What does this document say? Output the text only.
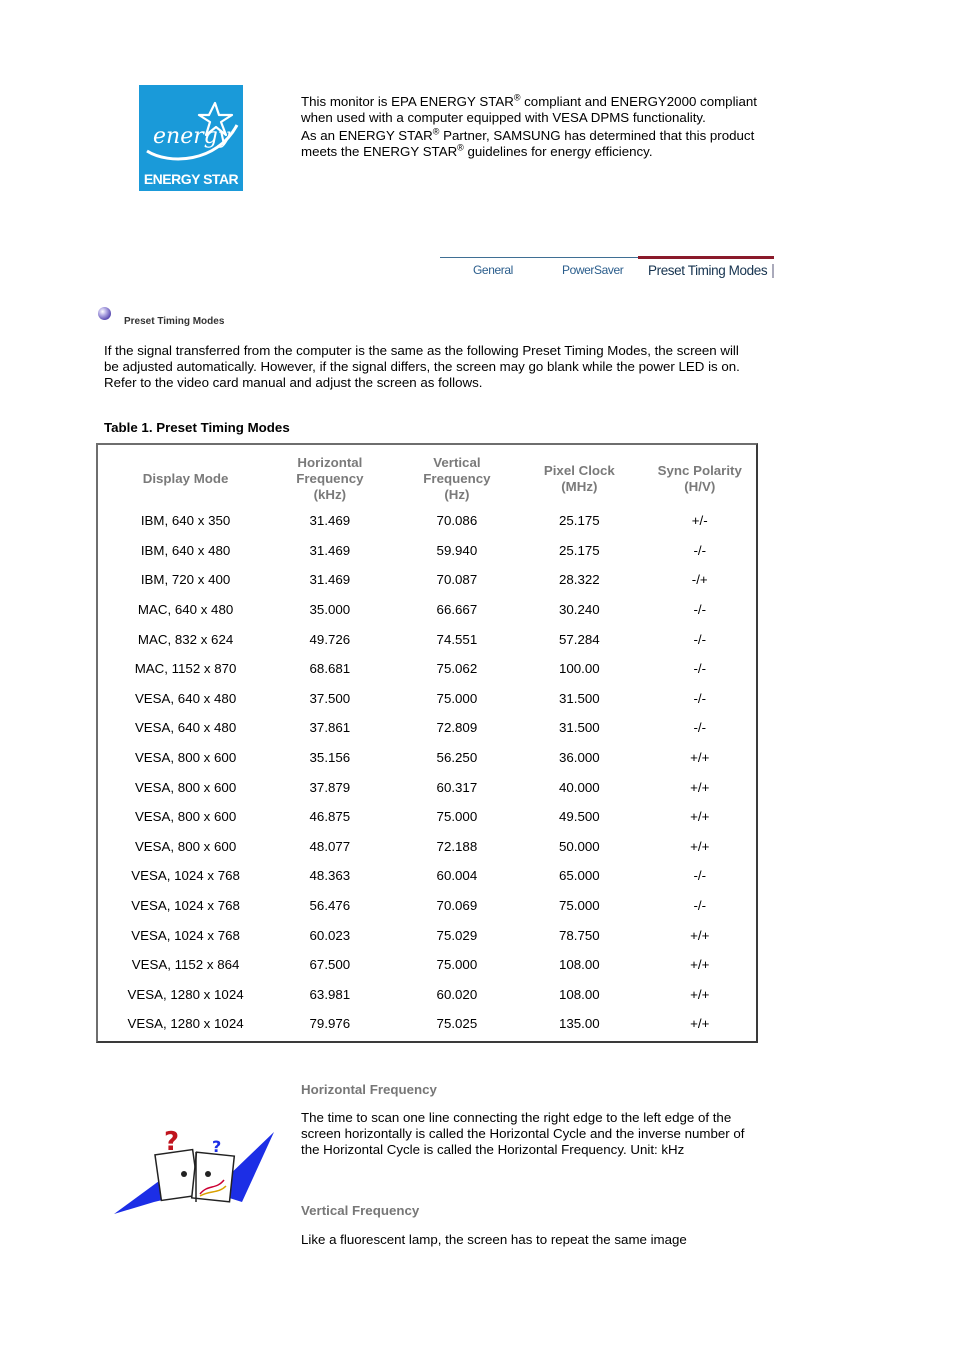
energy
ENERGY STAR

This monitor is EPA ENERGY STAR® compliant and ENERGY2000 compliant when used with a computer equipped with VESA DPMS functionality.

As an ENERGY STAR® Partner, SAMSUNG has determined that this product meets the ENERGY STAR® guidelines for energy efficiency.

General	PowerSaver Preset Timing Modes
Preset Timing Modes

If the signal transferred from the computer is the same as the following Preset Timing Modes, the screen will be adjusted automatically. However, if the signal differs, the screen may go blank while the power LED is on. Refer to the video card manual and adjust the screen as follows.

Table 1. Preset Timing Modes
Display Mode	Horizontal
Frequency
(kHz)	Vertical
Frequency
(Hz)	Pixel Clock
(MHz)	Sync Polarity
(H/V)
IBM, 640 x 350	31.469	70.086	25.175	+/-
IBM, 640 x 480	31.469	59.940	25.175	-/-
IBM, 720 x 400	31.469	70.087	28.322	-/+
MAC, 640 x 480	35.000	66.667	30.240	-/-
MAC, 832 x 624	49.726	74.551	57.284	-/-
MAC, 1152 x 870	68.681	75.062	100.00	-/-
VESA, 640 x 480	37.500	75.000	31.500	-/-
VESA, 640 x 480	37.861	72.809	31.500	-/-
VESA, 800 x 600	35.156	56.250	36.000	+/+
VESA, 800 x 600	37.879	60.317	40.000	+/+
VESA, 800 x 600	46.875	75.000	49.500	+/+
VESA, 800 x 600	48.077	72.188	50.000	+/+
VESA, 1024 x 768	48.363	60.004	65.000	-/-
VESA, 1024 x 768	56.476	70.069	75.000	-/-
VESA, 1024 x 768	60.023	75.029	78.750	+/+
VESA, 1152 x 864	67.500	75.000	108.00	+/+
VESA, 1280 x 1024	63.981	60.020	108.00	+/+
VESA, 1280 x 1024	79.976	75.025	135.00	+/+
? ?
Horizontal Frequency

The time to scan one line connecting the right edge to the left edge of the screen horizontally is called the Horizontal Cycle and the inverse number of the Horizontal Cycle is called the Horizontal Frequency. Unit: kHz

Vertical Frequency

Like a fluorescent lamp, the screen has to repeat the same image
